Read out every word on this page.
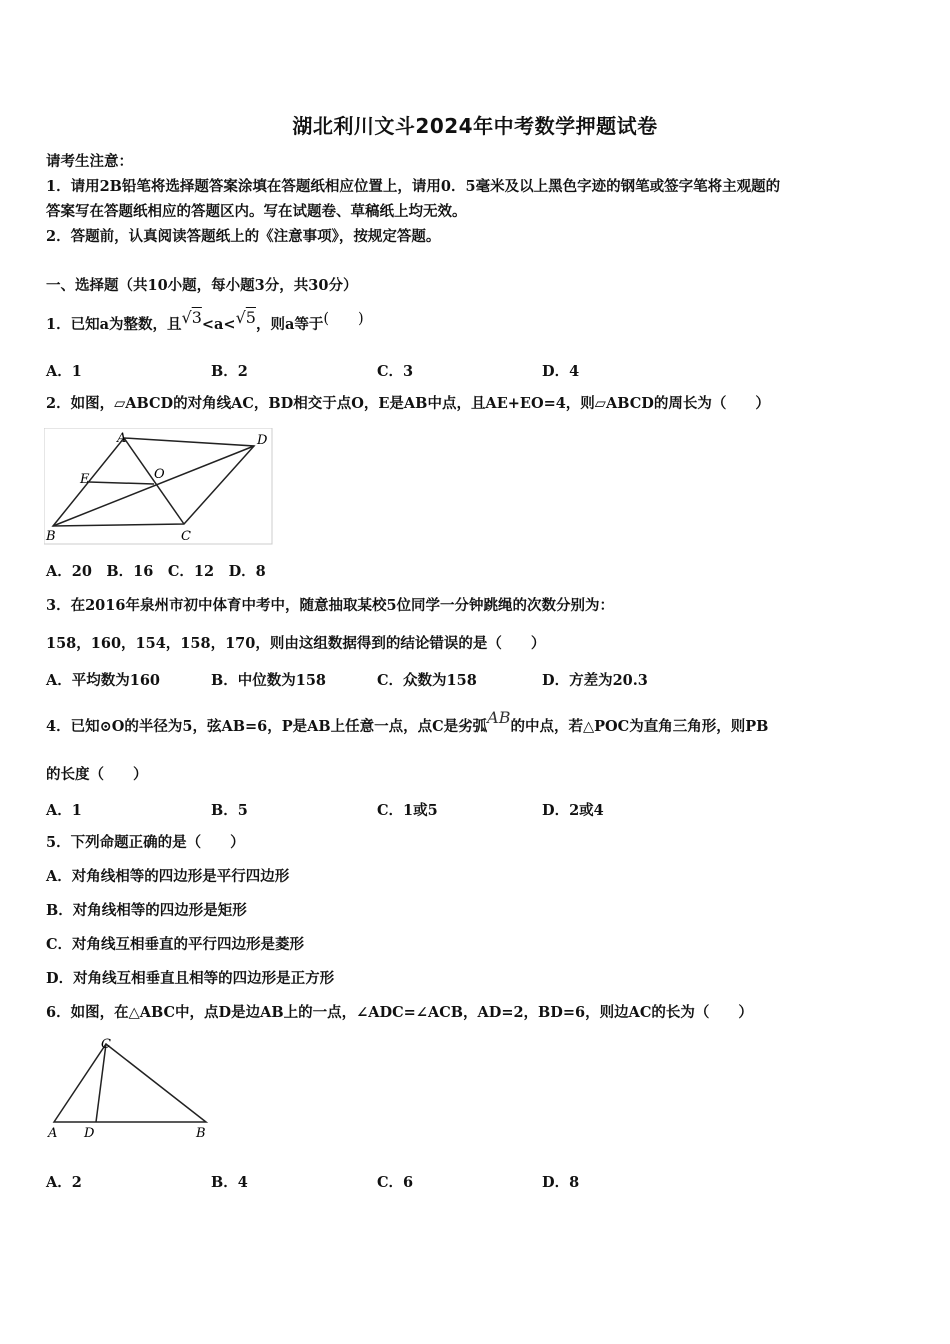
湖北利川文斗2024年中考数学押题试卷
请考生注意：
1．请用2B铅笔将选择题答案涂填在答题纸相应位置上，请用0．5毫米及以上黑色字迹的钢笔或签字笔将主观题的
答案写在答题纸相应的答题区内。写在试题卷、草稿纸上均无效。
2．答题前，认真阅读答题纸上的《注意事项》，按规定答题。
一、选择题（共10小题，每小题3分，共30分）
1．已知a为整数，且√3<a<√5，则a等于(　　)
A．1	B．2	C．3	D．4
2．如图，▱ABCD的对角线AC，BD相交于点O，E是AB中点，且AE+EO=4，则▱ABCD的周长为（　　）
A	D
E	O
B	C
A．20　B．16　C．12　D．8
3．在2016年泉州市初中体育中考中，随意抽取某校5位同学一分钟跳绳的次数分别为：
158，160，154，158，170，则由这组数据得到的结论错误的是（　　）
A．平均数为160	B．中位数为158	C．众数为158	D．方差为20.3
4．已知⊙O的半径为5，弦AB=6，P是AB上任意一点，点C是劣弧AB的中点，若△POC为直角三角形，则PB
的长度（　　）
A．1	B．5	C．1或5	D．2或4
5．下列命题正确的是（　　）
A．对角线相等的四边形是平行四边形
B．对角线相等的四边形是矩形
C．对角线互相垂直的平行四边形是菱形
D．对角线互相垂直且相等的四边形是正方形
6．如图，在△ABC中，点D是边AB上的一点，∠ADC=∠ACB，AD=2，BD=6，则边AC的长为（　　）
C
A D	B
A．2	B．4	C．6	D．8
